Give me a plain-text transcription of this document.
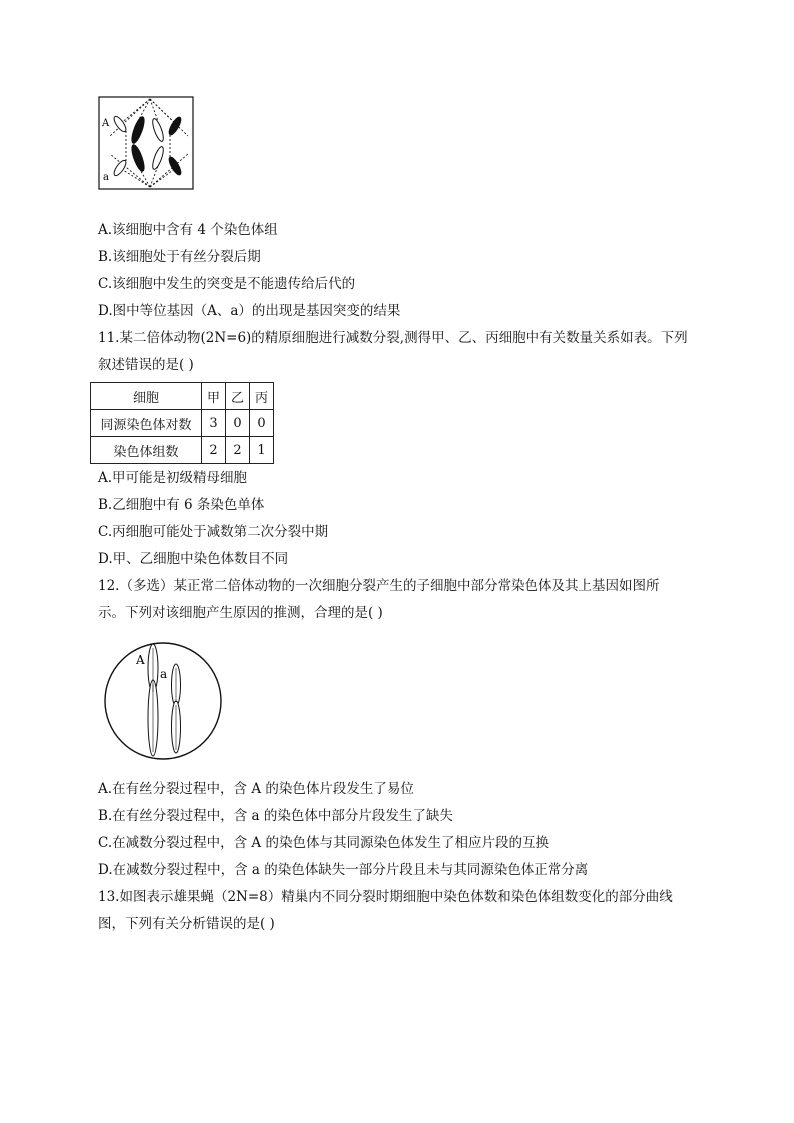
A
a
A.该细胞中含有 4 个染色体组
B.该细胞处于有丝分裂后期
C.该细胞中发生的突变是不能遗传给后代的
D.图中等位基因（A、a）的出现是基因突变的结果
11.某二倍体动物(2N=6)的精原细胞进行减数分裂,测得甲、乙、丙细胞中有关数量关系如表。下列
叙述错误的是( )
细胞	甲	乙	丙
同源染色体对数	3	0	0
染色体组数	2	2	1
A.甲可能是初级精母细胞
B.乙细胞中有 6 条染色单体
C.丙细胞可能处于减数第二次分裂中期
D.甲、乙细胞中染色体数目不同
12.（多选）某正常二倍体动物的一次细胞分裂产生的子细胞中部分常染色体及其上基因如图所
示。下列对该细胞产生原因的推测，合理的是( )
A
a
A.在有丝分裂过程中，含 A 的染色体片段发生了易位
B.在有丝分裂过程中，含 a 的染色体中部分片段发生了缺失
C.在减数分裂过程中，含 A 的染色体与其同源染色体发生了相应片段的互换
D.在减数分裂过程中，含 a 的染色体缺失一部分片段且未与其同源染色体正常分离
13.如图表示雄果蝇（2N=8）精巢内不同分裂时期细胞中染色体数和染色体组数变化的部分曲线
图，下列有关分析错误的是( )
